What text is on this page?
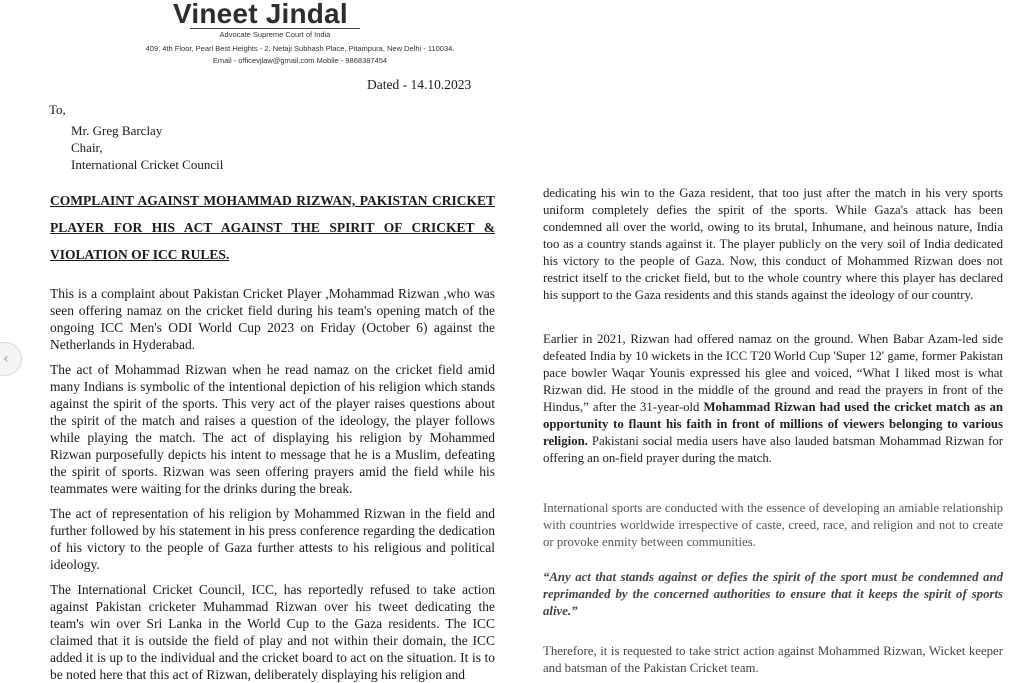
Vineet Jindal
Advocate Supreme Court of India
409, 4th Floor, Pearl Best Heights - 2, Netaji Subhash Place, Pitampura, New Delhi - 110034.
Email - officevjlaw@gmail.com Mobile - 9868387454
Dated - 14.10.2023
To,
Mr. Greg Barclay
Chair,
International Cricket Council
COMPLAINT AGAINST MOHAMMAD RIZWAN, PAKISTAN CRICKET
PLAYER FOR HIS ACT AGAINST THE SPIRIT OF CRICKET &
VIOLATION OF ICC RULES.
This is a complaint about Pakistan Cricket Player ,Mohammad Rizwan ,who was seen offering namaz on the cricket field during his team's opening match of the ongoing ICC Men's ODI World Cup 2023 on Friday (October 6) against the Netherlands in Hyderabad.
The act of Mohammad Rizwan when he read namaz on the cricket field amid many Indians is symbolic of the intentional depiction of his religion which stands against the spirit of the sports. This very act of the player raises questions about the spirit of the match and raises a question of the ideology, the player follows while playing the match. The act of displaying his religion by Mohammed Rizwan purposefully depicts his intent to message that he is a Muslim, defeating the spirit of sports. Rizwan was seen offering prayers amid the field while his teammates were waiting for the drinks during the break.
The act of representation of his religion by Mohammed Rizwan in the field and further followed by his statement in his press conference regarding the dedication of his victory to the people of Gaza further attests to his religious and political ideology.
The International Cricket Council, ICC, has reportedly refused to take action against Pakistan cricketer Muhammad Rizwan over his tweet dedicating the team's win over Sri Lanka in the World Cup to the Gaza residents. The ICC claimed that it is outside the field of play and not within their domain, the ICC added it is up to the individual and the cricket board to act on the situation. It is to be noted here that this act of Rizwan, deliberately displaying his religion and
dedicating his win to the Gaza resident, that too just after the match in his very sports uniform completely defies the spirit of the sports. While Gaza's attack has been condemned all over the world, owing to its brutal, Inhumane, and heinous nature, India too as a country stands against it. The player publicly on the very soil of India dedicated his victory to the people of Gaza. Now, this conduct of Mohammed Rizwan does not restrict itself to the cricket field, but to the whole country where this player has declared his support to the Gaza residents and this stands against the ideology of our country.
Earlier in 2021, Rizwan had offered namaz on the ground. When Babar Azam-led side defeated India by 10 wickets in the ICC T20 World Cup 'Super 12' game, former Pakistan pace bowler Waqar Younis expressed his glee and voiced, “What I liked most is what Rizwan did. He stood in the middle of the ground and read the prayers in front of the Hindus,” after the 31-year-old Mohammad Rizwan had used the cricket match as an opportunity to flaunt his faith in front of millions of viewers belonging to various religion. Pakistani social media users have also lauded batsman Mohammad Rizwan for offering an on-field prayer during the match.
International sports are conducted with the essence of developing an amiable relationship with countries worldwide irrespective of caste, creed, race, and religion and not to create or provoke enmity between communities.
“Any act that stands against or defies the spirit of the sport must be condemned and reprimanded by the concerned authorities to ensure that it keeps the spirit of sports alive.”
Therefore, it is requested to take strict action against Mohammed Rizwan, Wicket keeper and batsman of the Pakistan Cricket team.
‹
